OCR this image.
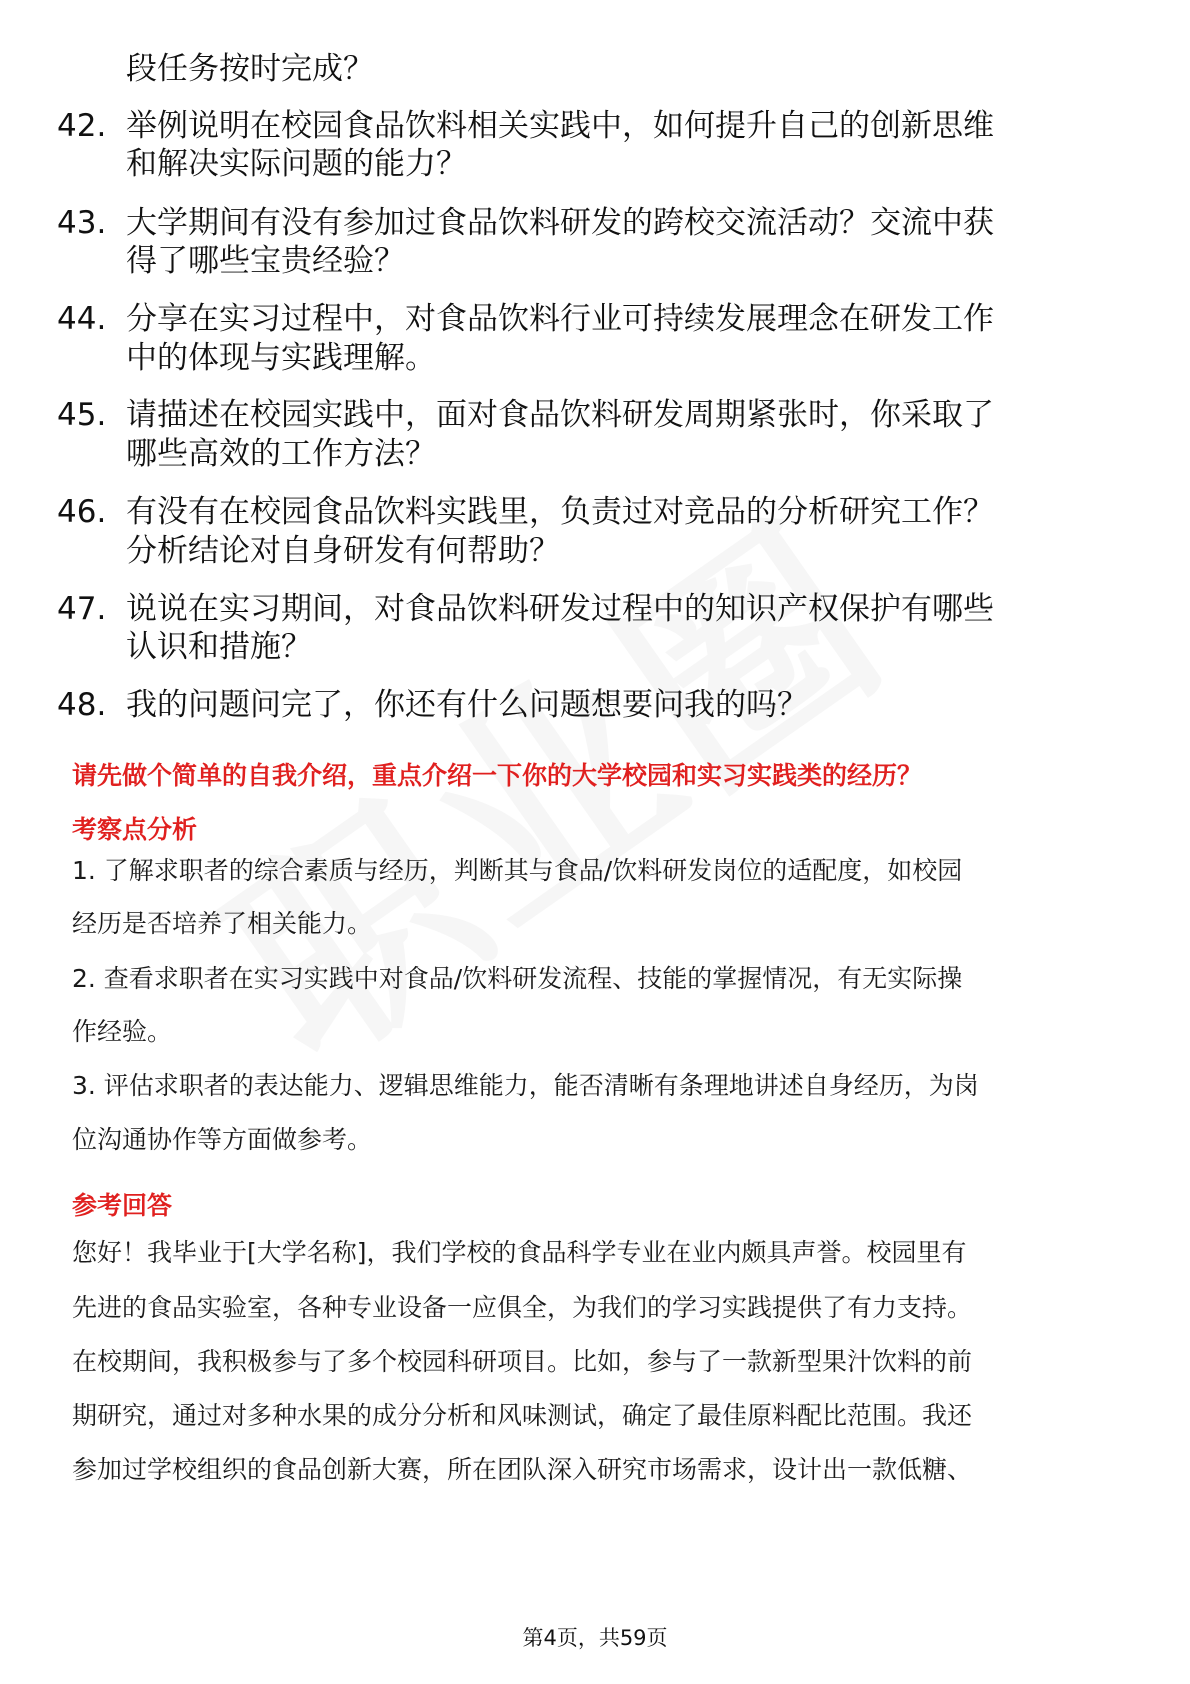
段任务按时完成？
42. 举例说明在校园食品饮料相关实践中，如何提升自己的创新思维
和解决实际问题的能力？
43. 大学期间有没有参加过食品饮料研发的跨校交流活动？交流中获
得了哪些宝贵经验？
44. 分享在实习过程中，对食品饮料行业可持续发展理念在研发工作
中的体现与实践理解。
45. 请描述在校园实践中，面对食品饮料研发周期紧张时，你采取了
哪些高效的工作方法？
46. 有没有在校园食品饮料实践里，负责过对竞品的分析研究工作？
分析结论对自身研发有何帮助？
47. 说说在实习期间，对食品饮料研发过程中的知识产权保护有哪些
认识和措施？
48. 我的问题问完了，你还有什么问题想要问我的吗？
请先做个简单的自我介绍，重点介绍一下你的大学校园和实习实践类的经历？
考察点分析
1. 了解求职者的综合素质与经历，判断其与食品/饮料研发岗位的适配度，如校园
经历是否培养了相关能力。
2. 查看求职者在实习实践中对食品/饮料研发流程、技能的掌握情况，有无实际操
作经验。
3. 评估求职者的表达能力、逻辑思维能力，能否清晰有条理地讲述自身经历，为岗
位沟通协作等方面做参考。
参考回答
您好！我毕业于[大学名称]，我们学校的食品科学专业在业内颇具声誉。校园里有
先进的食品实验室，各种专业设备一应俱全，为我们的学习实践提供了有力支持。
在校期间，我积极参与了多个校园科研项目。比如，参与了一款新型果汁饮料的前
期研究，通过对多种水果的成分分析和风味测试，确定了最佳原料配比范围。我还
参加过学校组织的食品创新大赛，所在团队深入研究市场需求，设计出一款低糖、
第4页，共59页
